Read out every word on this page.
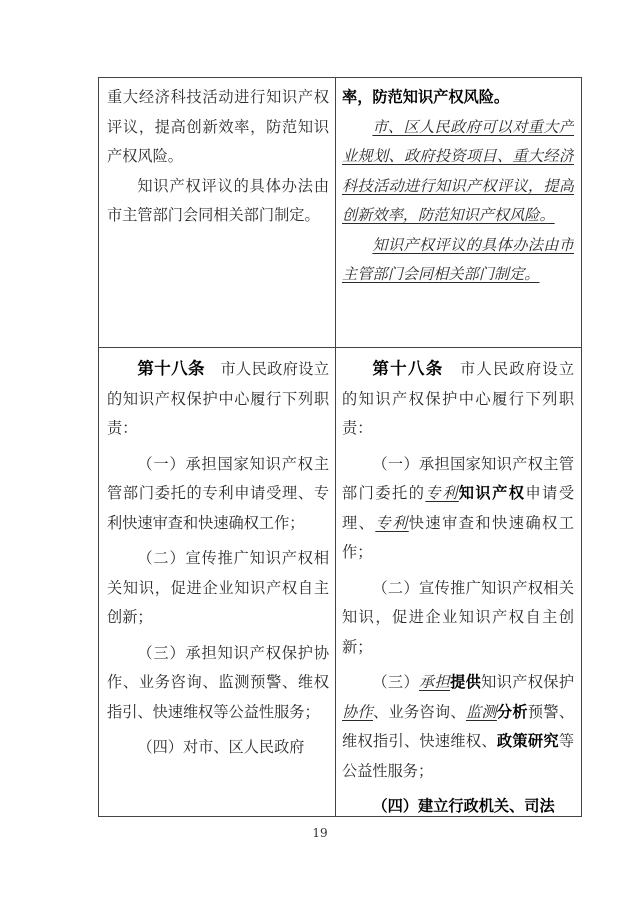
重大经济科技活动进行知识产权评议，提高创新效率，防范知识产权风险。

知识产权评议的具体办法由市主管部门会同相关部门制定。

率，防范知识产权风险。

市、区人民政府可以对重大产业规划、政府投资项目、重大经济科技活动进行知识产权评议，提高创新效率，防范知识产权风险。

知识产权评议的具体办法由市主管部门会同相关部门制定。

第十八条　 市人民政府设立的知识产权保护中心履行下列职责：

（一）承担国家知识产权主管部门委托的专利申请受理、专利快速审查和快速确权工作；

（二）宣传推广知识产权相关知识，促进企业知识产权自主创新；

（三）承担知识产权保护协作、业务咨询、监测预警、维权指引、快速维权等公益性服务；

（四）对市、区人民政府

第十八条　 市人民政府设立的知识产权保护中心履行下列职责：

（一）承担国家知识产权主管部门委托的专利知识产权申请受理、专利快速审查和快速确权工作；

（二）宣传推广知识产权相关知识，促进企业知识产权自主创新；

（三）承担提供知识产权保护协作、业务咨询、监测分析预警、维权指引、快速维权、政策研究等公益性服务；

（四）建立行政机关、司法

19
